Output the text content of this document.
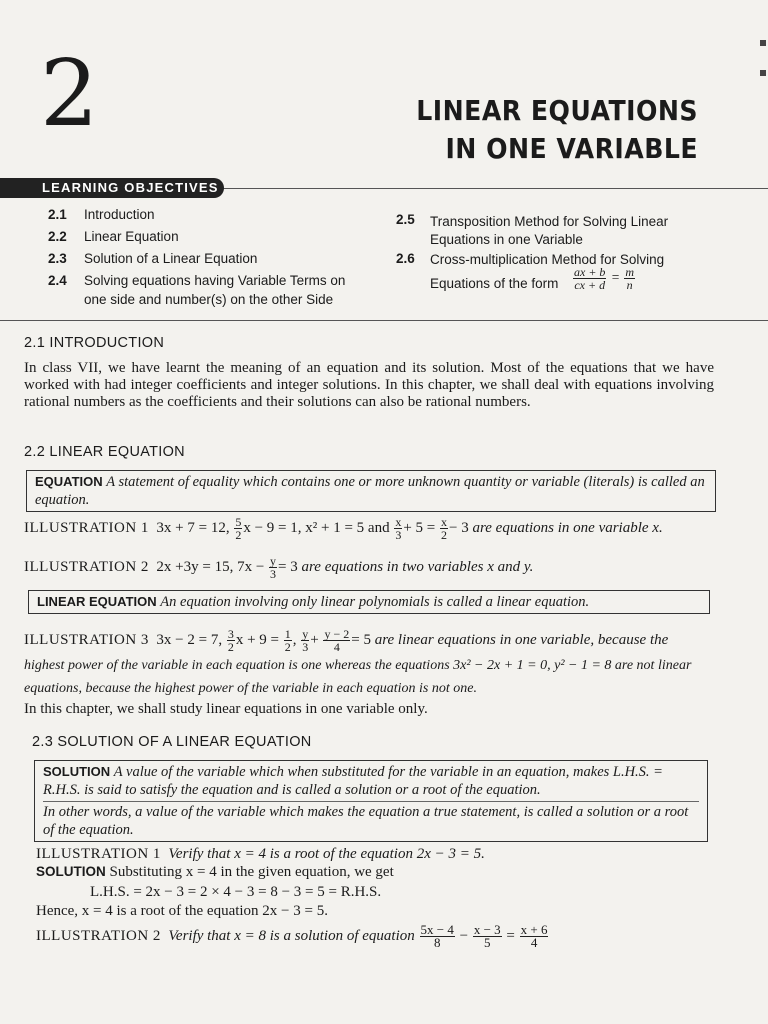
2	LINEAR EQUATIONS
IN ONE VARIABLE
LEARNING OBJECTIVES
2.1 Introduction
2.2 Linear Equation
2.3 Solution of a Linear Equation
2.4 Solving equations having Variable Terms on
one side and number(s) on the other Side
2.5 Transposition Method for Solving Linear
Equations in one Variable
2.6 Cross-multiplication Method for Solving
Equations of the form $\frac{ax + b}{cx + d} = \frac{m}{n}$
2.1 INTRODUCTION
In class VII, we have learnt the meaning of an equation and its solution. Most of the equations that we have worked with had integer coefficients and integer solutions. In this chapter, we shall deal with equations involving rational numbers as the coefficients and their solutions can also be rational numbers.
2.2 LINEAR EQUATION
EQUATION A statement of equality which contains one or more unknown quantity or variable (literals) is called an equation.
ILLUSTRATION 1 3x + 7 = 12, $\frac{5}{2}$ x − 9 = 1, x² + 1 = 5 and $\frac{x}{3} + 5 = \frac{x}{2} - 3$ are equations in one variable x.
ILLUSTRATION 2 2x +3y = 15, $7x - \frac{y}{3} = 3$ are equations in two variables x and y.
LINEAR EQUATION An equation involving only linear polynomials is called a linear equation.
ILLUSTRATION 3 3x − 2 = 7, $\frac{3}{2}$ $x + 9 = \frac{1}{2}$ , $\frac{y}{3} + \frac{y - 2}{4} = 5$ are linear equations in one variable, because the
highest power of the variable in each equation is one whereas the equations 3x² − 2x + 1 = 0, y² − 1 = 8 are not linear
equations, because the highest power of the variable in each equation is not one.
In this chapter, we shall study linear equations in one variable only.
2.3 SOLUTION OF A LINEAR EQUATION
SOLUTION A value of the variable which when substituted for the variable in an equation, makes L.H.S. = R.H.S. is said to satisfy the equation and is called a solution or a root of the equation.
In other words, a value of the variable which makes the equation a true statement, is called a solution or a root of the equation.
ILLUSTRATION 1 Verify that x = 4 is a root of the equation 2x − 3 = 5.
SOLUTION Substituting x = 4 in the given equation, we get
L.H.S. = 2x − 3 = 2 × 4 − 3 = 8 − 3 = 5 = R.H.S.
Hence, x = 4 is a root of the equation 2x − 3 = 5.
ILLUSTRATION 2 Verify that x = 8 is a solution of equation $\frac{5x - 4}{8} - \frac{x - 3}{5} = \frac{x + 6}{4}$
